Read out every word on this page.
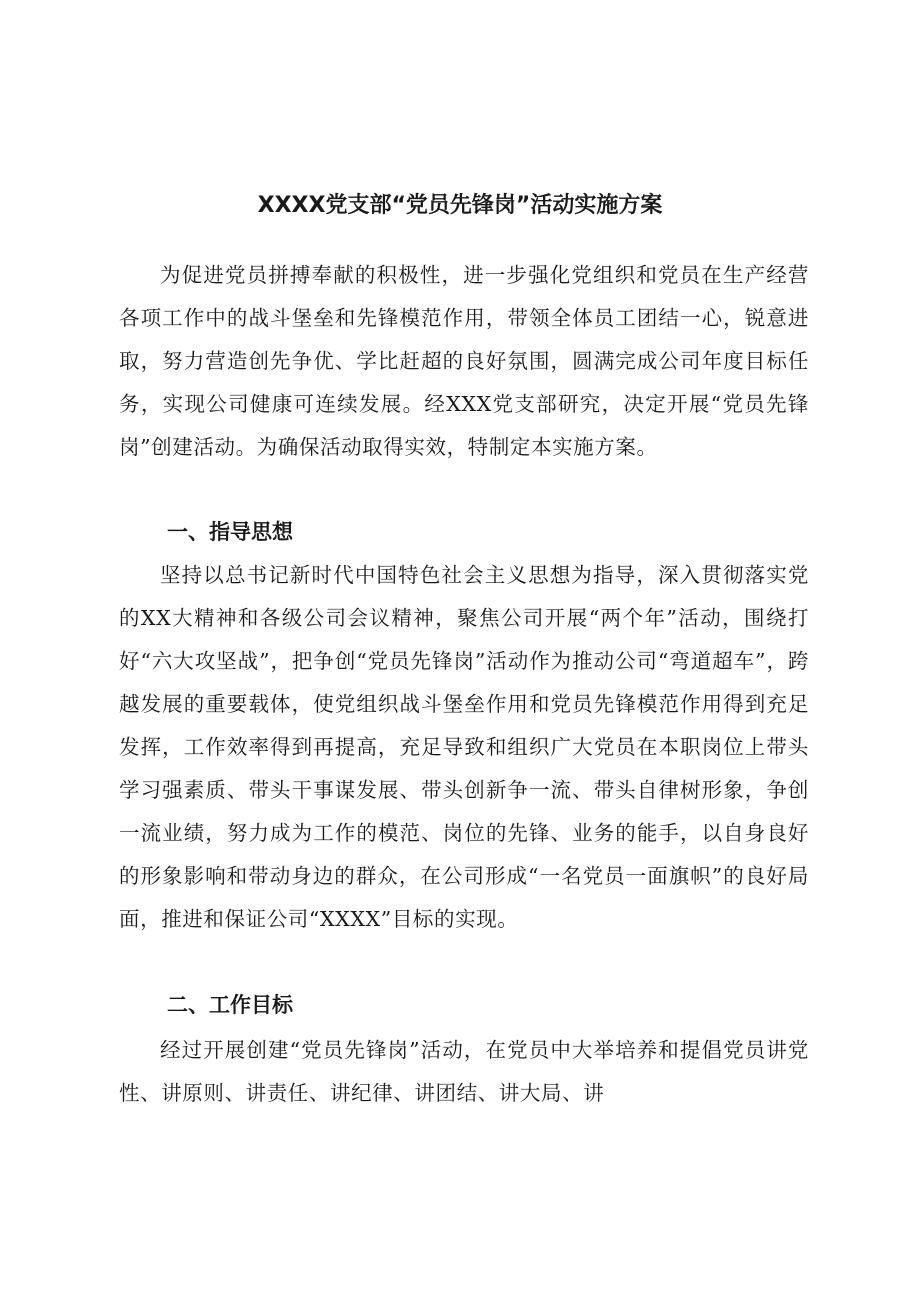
XXXX党支部“党员先锋岗”活动实施方案

为促进党员拼搏奉献的积极性，进一步强化党组织和党员在生产经营各项工作中的战斗堡垒和先锋模范作用，带领全体员工团结一心，锐意进取，努力营造创先争优、学比赶超的良好氛围，圆满完成公司年度目标任务，实现公司健康可连续发展。经XXX党支部研究，决定开展“党员先锋岗”创建活动。为确保活动取得实效，特制定本实施方案。

一、指导思想

坚持以总书记新时代中国特色社会主义思想为指导，深入贯彻落实党的XX大精神和各级公司会议精神，聚焦公司开展“两个年”活动，围绕打好“六大攻坚战”，把争创“党员先锋岗”活动作为推动公司“弯道超车”，跨越发展的重要载体，使党组织战斗堡垒作用和党员先锋模范作用得到充足发挥，工作效率得到再提高，充足导致和组织广大党员在本职岗位上带头学习强素质、带头干事谋发展、带头创新争一流、带头自律树形象，争创一流业绩，努力成为工作的模范、岗位的先锋、业务的能手，以自身良好的形象影响和带动身边的群众，在公司形成“一名党员一面旗帜”的良好局面，推进和保证公司“XXXX”目标的实现。

二、工作目标

经过开展创建“党员先锋岗”活动，在党员中大举培养和提倡党员讲党性、讲原则、讲责任、讲纪律、讲团结、讲大局、讲
